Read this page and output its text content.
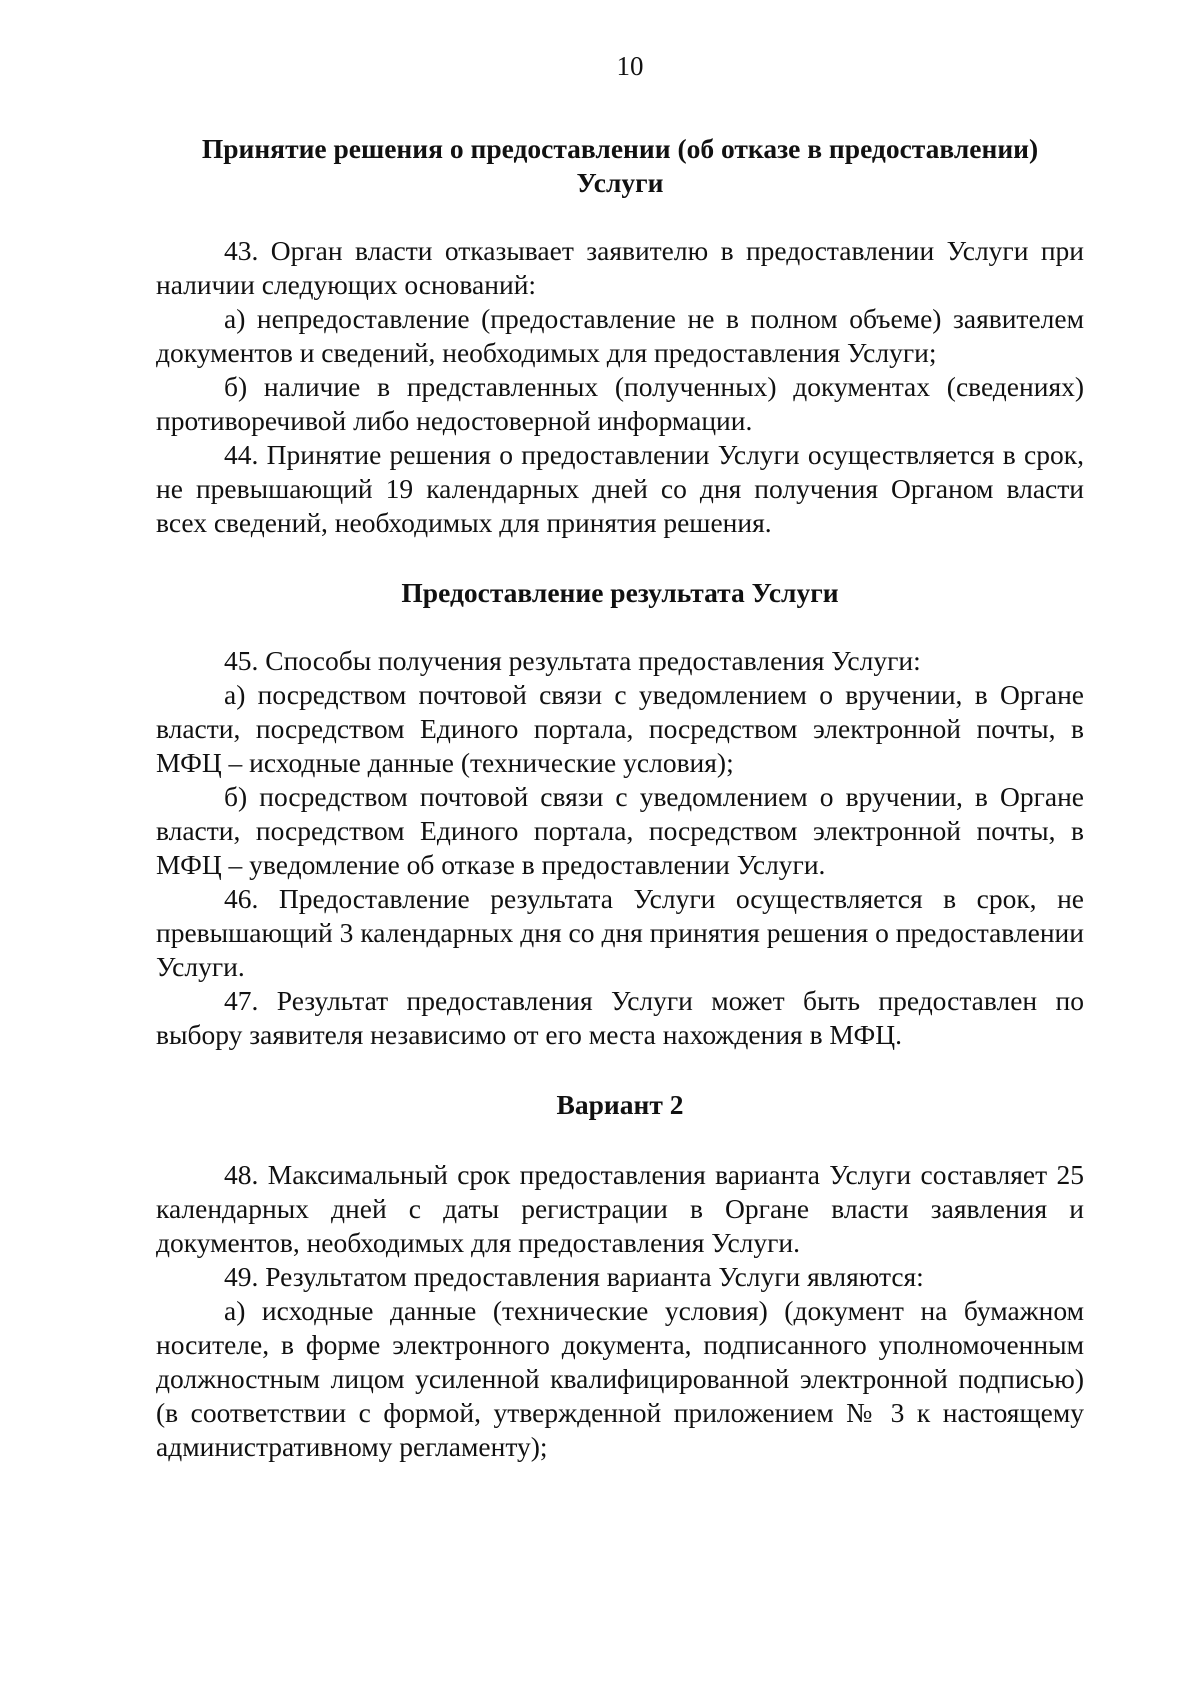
10
Принятие решения о предоставлении (об отказе в предоставлении)
Услуги

43. Орган власти отказывает заявителю в предоставлении Услуги при наличии следующих оснований:

а) непредоставление (предоставление не в полном объеме) заявителем документов и сведений, необходимых для предоставления Услуги;

б) наличие в представленных (полученных) документах (сведениях) противоречивой либо недостоверной информации.

44. Принятие решения о предоставлении Услуги осуществляется в срок, не превышающий 19 календарных дней со дня получения Органом власти всех сведений, необходимых для принятия решения.

Предоставление результата Услуги

45. Способы получения результата предоставления Услуги:

а) посредством почтовой связи с уведомлением о вручении, в Органе власти, посредством Единого портала, посредством электронной почты, в МФЦ – исходные данные (технические условия);

б) посредством почтовой связи с уведомлением о вручении, в Органе власти, посредством Единого портала, посредством электронной почты, в МФЦ – уведомление об отказе в предоставлении Услуги.

46. Предоставление результата Услуги осуществляется в срок, не превышающий 3 календарных дня со дня принятия решения о предоставлении Услуги.

47. Результат предоставления Услуги может быть предоставлен по выбору заявителя независимо от его места нахождения в МФЦ.

Вариант 2

48. Максимальный срок предоставления варианта Услуги составляет 25 календарных дней с даты регистрации в Органе власти заявления и документов, необходимых для предоставления Услуги.

49. Результатом предоставления варианта Услуги являются:

а) исходные данные (технические условия) (документ на бумажном носителе, в форме электронного документа, подписанного уполномоченным должностным лицом усиленной квалифицированной электронной подписью) (в соответствии с формой, утвержденной приложением № 3 к настоящему административному регламенту);
